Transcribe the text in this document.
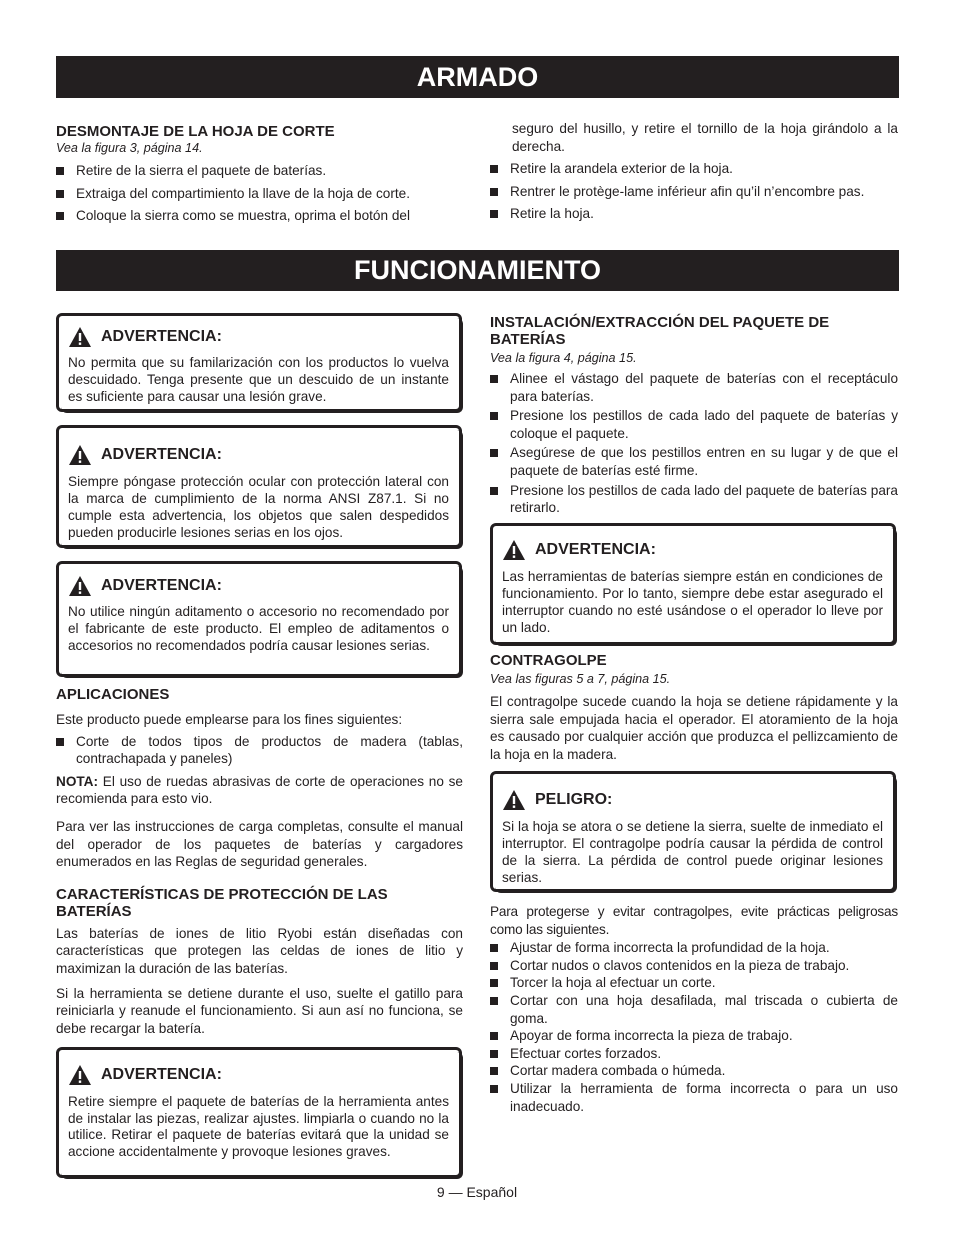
ARMADO
DESMONTAJE DE LA HOJA DE CORTE
Vea la figura 3, página 14.
Retire de la sierra el paquete de baterías.
Extraiga del compartimiento la llave de la hoja de corte.
Coloque la sierra como se muestra, oprima el botón del

seguro del husillo, y retire el tornillo de la hoja girándolo a la derecha.

Retire la arandela exterior de la hoja.
Rentrer le protège-lame inférieur afin qu’il n’encombre pas.
Retire la hoja.
FUNCIONAMIENTO
ADVERTENCIA:
No permita que su familarización con los productos lo vuelva descuidado. Tenga presente que un descuido de un instante es suficiente para causar una lesión grave.
ADVERTENCIA:
Siempre póngase protección ocular con protección lateral con la marca de cumplimiento de la norma ANSI Z87.1. Si no cumple esta advertencia, los objetos que salen despedidos pueden producirle lesiones serias en los ojos.
ADVERTENCIA:
No utilice ningún aditamento o accesorio no recomendado por el fabricante de este producto. El empleo de aditamentos o accesorios no recomendados podría causar lesiones serias.
APLICACIONES

Este producto puede emplearse para los fines siguientes:

Corte de todos tipos de productos de madera (tablas, contrachapada y paneles)

NOTA: El uso de ruedas abrasivas de corte de operaciones no se recomienda para esto vio.

Para ver las instrucciones de carga completas, consulte el manual del operador de los paquetes de baterías y cargadores enumerados en las Reglas de seguridad generales.

CARACTERÍSTICAS DE PROTECCIÓN DE LAS BATERÍAS

Las baterías de iones de litio Ryobi están diseñadas con características que protegen las celdas de iones de litio y maximizan la duración de las baterías.

Si la herramienta se detiene durante el uso, suelte el gatillo para reiniciarla y reanude el funcionamiento. Si aun así no funciona, se debe recargar la batería.

ADVERTENCIA:
Retire siempre el paquete de baterías de la herramienta antes de instalar las piezas, realizar ajustes. limpiarla o cuando no la utilice. Retirar el paquete de baterías evitará que la unidad se accione accidentalmente y provoque lesiones graves.
INSTALACIÓN/EXTRACCIÓN DEL PAQUETE DE BATERÍAS
Vea la figura 4, página 15.
Alinee el vástago del paquete de baterías con el receptáculo para baterías.
Presione los pestillos de cada lado del paquete de baterías y coloque el paquete.
Asegúrese de que los pestillos entren en su lugar y de que el paquete de baterías esté firme.
Presione los pestillos de cada lado del paquete de baterías para retirarlo.
ADVERTENCIA:
Las herramientas de baterías siempre están en condiciones de funcionamiento. Por lo tanto, siempre debe estar asegurado el interruptor cuando no esté usándose o el operador lo lleve por un lado.
CONTRAGOLPE
Vea las figuras 5 a 7, página 15.

El contragolpe sucede cuando la hoja se detiene rápidamente y la sierra sale empujada hacia el operador. El atoramiento de la hoja es causado por cualquier acción que produzca el pellizcamiento de la hoja en la madera.

PELIGRO:
Si la hoja se atora o se detiene la sierra, suelte de inmediato el interruptor. El contragolpe podría causar la pérdida de control de la sierra. La pérdida de control puede originar lesiones serias.

Para protegerse y evitar contragolpes, evite prácticas peligrosas como las siguientes.

Ajustar de forma incorrecta la profundidad de la hoja.
Cortar nudos o clavos contenidos en la pieza de trabajo.
Torcer la hoja al efectuar un corte.
Cortar con una hoja desafilada, mal triscada o cubierta de goma.
Apoyar de forma incorrecta la pieza de trabajo.
Efectuar cortes forzados.
Cortar madera combada o húmeda.
Utilizar la herramienta de forma incorrecta o para un uso inadecuado.
9 — Español
